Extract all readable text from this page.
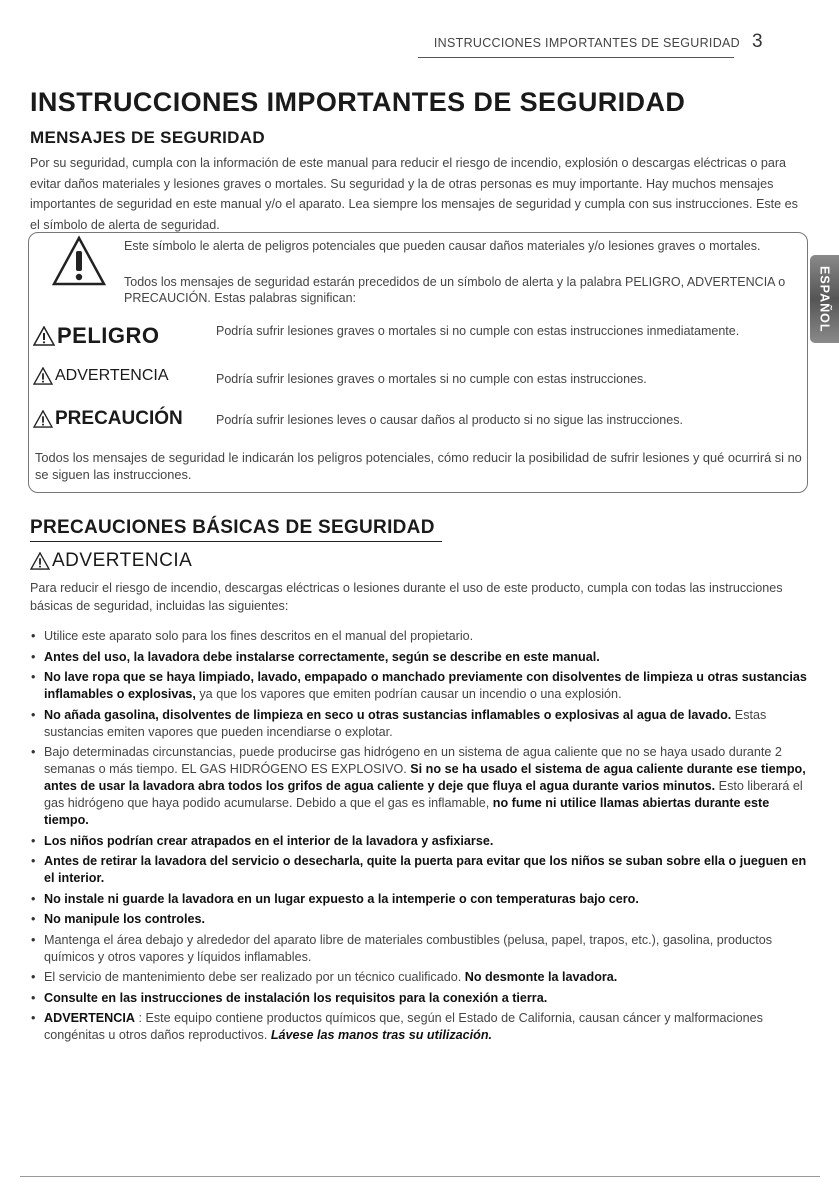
INSTRUCCIONES IMPORTANTES DE SEGURIDAD 3
INSTRUCCIONES IMPORTANTES DE SEGURIDAD
MENSAJES DE SEGURIDAD
Por su seguridad, cumpla con la información de este manual para reducir el riesgo de incendio, explosión o descargas eléctricas o para evitar daños materiales y lesiones graves o mortales. Su seguridad y la de otras personas es muy importante. Hay muchos mensajes importantes de seguridad en este manual y/o el aparato. Lea siempre los mensajes de seguridad y cumpla con sus instrucciones. Este es el símbolo de alerta de seguridad.
ESPAÑOL
Este símbolo le alerta de peligros potenciales que pueden causar daños materiales y/o lesiones graves o mortales.
Todos los mensajes de seguridad estarán precedidos de un símbolo de alerta y la palabra PELIGRO, ADVERTENCIA o PRECAUCIÓN. Estas palabras significan:
PELIGRO	Podría sufrir lesiones graves o mortales si no cumple con estas instrucciones inmediatamente.
ADVERTENCIA	Podría sufrir lesiones graves o mortales si no cumple con estas instrucciones.
PRECAUCIÓN	Podría sufrir lesiones leves o causar daños al producto si no sigue las instrucciones.
Todos los mensajes de seguridad le indicarán los peligros potenciales, cómo reducir la posibilidad de sufrir lesiones y qué ocurrirá si no se siguen las instrucciones.
PRECAUCIONES BÁSICAS DE SEGURIDAD
ADVERTENCIA
Para reducir el riesgo de incendio, descargas eléctricas o lesiones durante el uso de este producto, cumpla con todas las instrucciones básicas de seguridad, incluidas las siguientes:
• Utilice este aparato solo para los fines descritos en el manual del propietario.
• Antes del uso, la lavadora debe instalarse correctamente, según se describe en este manual.
• No lave ropa que se haya limpiado, lavado, empapado o manchado previamente con disolventes de limpieza u otras sustancias inflamables o explosivas, ya que los vapores que emiten podrían causar un incendio o una explosión.
• No añada gasolina, disolventes de limpieza en seco u otras sustancias inflamables o explosivas al agua de lavado. Estas sustancias emiten vapores que pueden incendiarse o explotar.
• Bajo determinadas circunstancias, puede producirse gas hidrógeno en un sistema de agua caliente que no se haya usado durante 2 semanas o más tiempo. EL GAS HIDRÓGENO ES EXPLOSIVO. Si no se ha usado el sistema de agua caliente durante ese tiempo, antes de usar la lavadora abra todos los grifos de agua caliente y deje que fluya el agua durante varios minutos. Esto liberará el gas hidrógeno que haya podido acumularse. Debido a que el gas es inflamable, no fume ni utilice llamas abiertas durante este tiempo.
• Los niños podrían crear atrapados en el interior de la lavadora y asfixiarse.
• Antes de retirar la lavadora del servicio o desecharla, quite la puerta para evitar que los niños se suban sobre ella o jueguen en el interior.
• No instale ni guarde la lavadora en un lugar expuesto a la intemperie o con temperaturas bajo cero.
• No manipule los controles.
• Mantenga el área debajo y alrededor del aparato libre de materiales combustibles (pelusa, papel, trapos, etc.), gasolina, productos químicos y otros vapores y líquidos inflamables.
• El servicio de mantenimiento debe ser realizado por un técnico cualificado. No desmonte la lavadora.
• Consulte en las instrucciones de instalación los requisitos para la conexión a tierra.
• ADVERTENCIA : Este equipo contiene productos químicos que, según el Estado de California, causan cáncer y malformaciones congénitas u otros daños reproductivos. Lávese las manos tras su utilización.
